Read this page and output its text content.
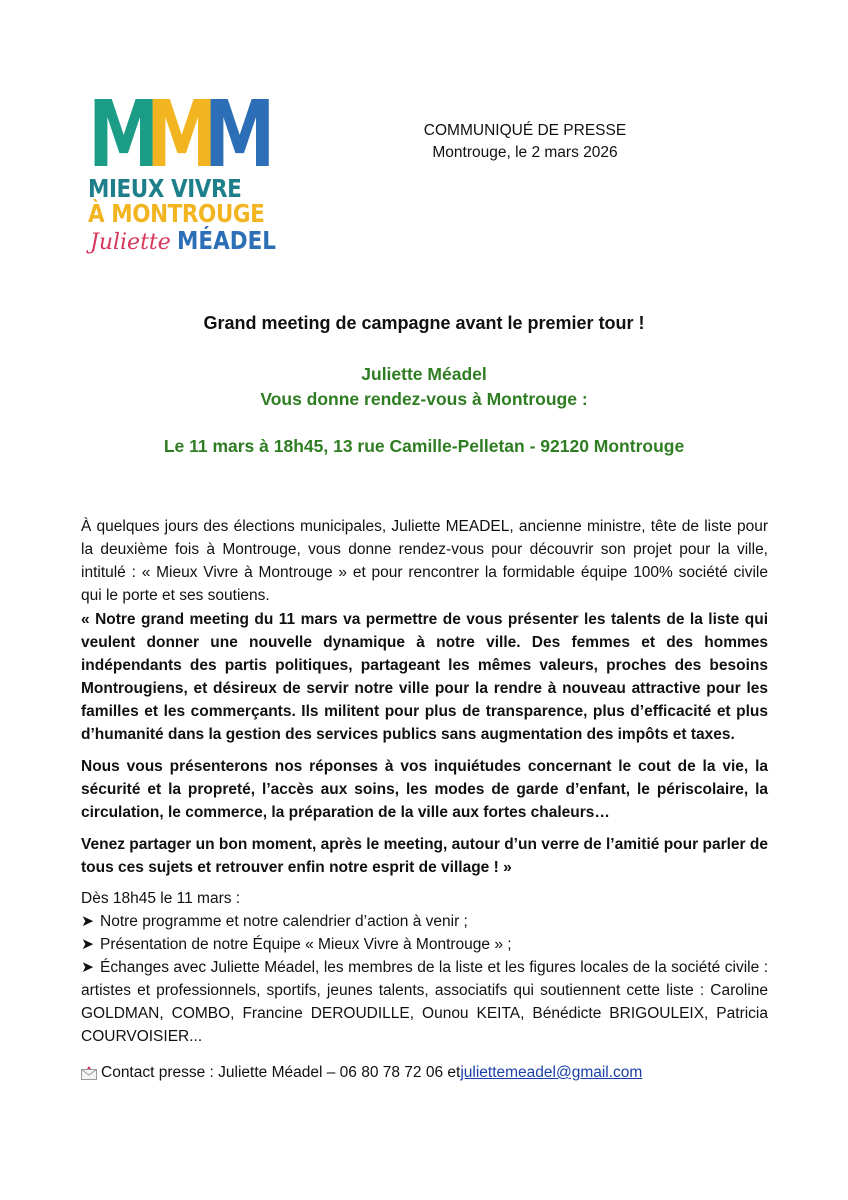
M
M
M
MIEUX VIVRE
À MONTROUGE
Juliette MÉADEL
COMMUNIQUÉ DE PRESSE
Montrouge, le 2 mars 2026
Grand meeting de campagne avant le premier tour !
Juliette Méadel
Vous donne rendez-vous à Montrouge :
Le 11 mars à 18h45, 13 rue Camille-Pelletan - 92120 Montrouge

À quelques jours des élections municipales, Juliette MEADEL, ancienne ministre, tête de liste pour la deuxième fois à Montrouge, vous donne rendez-vous pour découvrir son projet pour la ville, intitulé : « Mieux Vivre à Montrouge » et pour rencontrer la formidable équipe 100% société civile qui le porte et ses soutiens.

« Notre grand meeting du 11 mars va permettre de vous présenter les talents de la liste qui veulent donner une nouvelle dynamique à notre ville. Des femmes et des hommes indépendants des partis politiques, partageant les mêmes valeurs, proches des besoins Montrougiens, et désireux de servir notre ville pour la rendre à nouveau attractive pour les familles et les commerçants. Ils militent pour plus de transparence, plus d’efficacité et plus d’humanité dans la gestion des services publics sans augmentation des impôts et taxes.

Nous vous présenterons nos réponses à vos inquiétudes concernant le cout de la vie, la sécurité et la propreté, l’accès aux soins, les modes de garde d’enfant, le périscolaire, la circulation, le commerce, la préparation de la ville aux fortes chaleurs…

Venez partager un bon moment, après le meeting, autour d’un verre de l’amitié pour parler de tous ces sujets et retrouver enfin notre esprit de village ! »

Dès 18h45 le 11 mars :

➤ Notre programme et notre calendrier d’action à venir ;

➤ Présentation de notre Équipe « Mieux Vivre à Montrouge » ;

➤ Échanges avec Juliette Méadel, les membres de la liste et les figures locales de la société civile : artistes et professionnels, sportifs, jeunes talents, associatifs qui soutiennent cette liste : Caroline GOLDMAN, COMBO, Francine DEROUDILLE, Ounou KEITA, Bénédicte BRIGOULEIX, Patricia COURVOISIER...

Contact presse : Juliette Méadel – 06 80 78 72 06 et juliettemeadel@gmail.com
